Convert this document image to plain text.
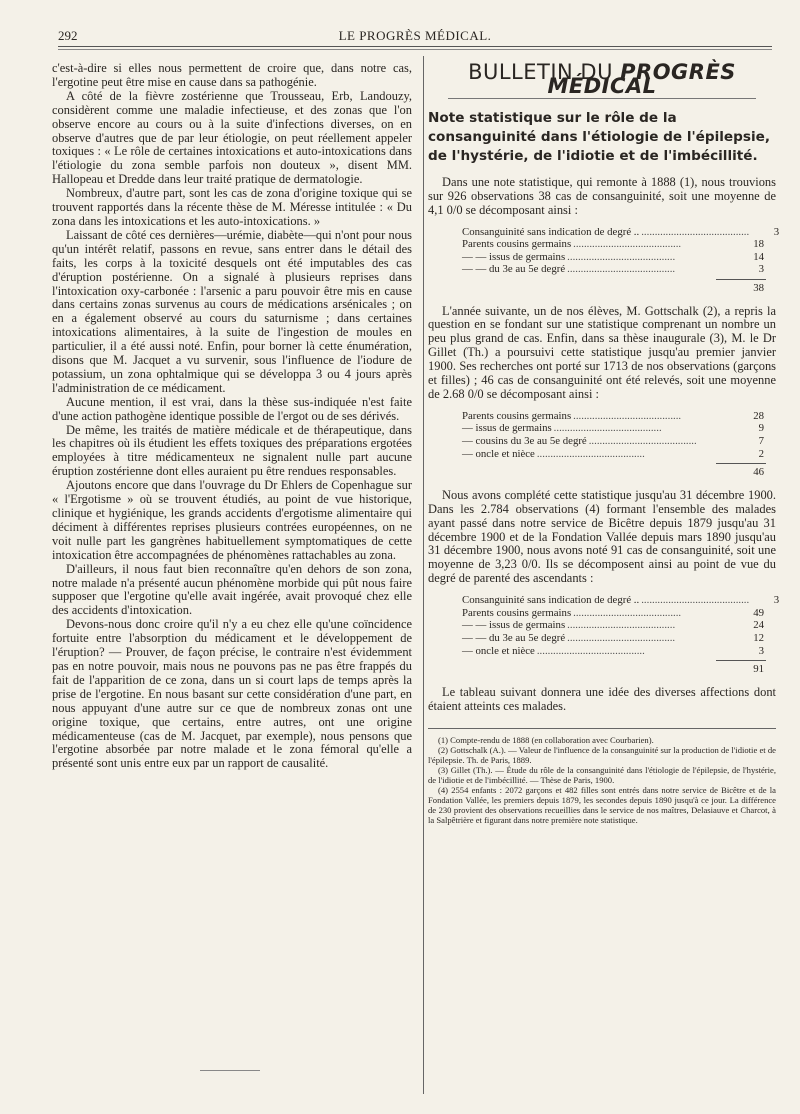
292	LE PROGRÈS MÉDICAL.

c'est-à-dire si elles nous permettent de croire que, dans notre cas, l'ergotine peut être mise en cause dans sa pathogénie.

A côté de la fièvre zostérienne que Trousseau, Erb, Landouzy, considèrent comme une maladie infectieuse, et des zonas que l'on observe encore au cours ou à la suite d'infections diverses, on en observe d'autres que de par leur étiologie, on peut réellement appeler toxiques : « Le rôle de certaines intoxications et auto-intoxications dans l'étiologie du zona semble parfois non douteux », disent MM. Hallopeau et Dredde dans leur traité pratique de dermatologie.

Nombreux, d'autre part, sont les cas de zona d'origine toxique qui se trouvent rapportés dans la récente thèse de M. Méresse intitulée : « Du zona dans les intoxications et les auto-intoxications. »

Laissant de côté ces dernières—urémie, diabète—qui n'ont pour nous qu'un intérêt relatif, passons en revue, sans entrer dans le détail des faits, les corps à la toxicité desquels ont été imputables des cas d'éruption postérienne. On a signalé à plusieurs reprises dans l'intoxication oxy-carbonée : l'arsenic a paru pouvoir être mis en cause dans certains zonas survenus au cours de médications arsénicales ; on en a également observé au cours du saturnisme ; dans certaines intoxications alimentaires, à la suite de l'ingestion de moules en particulier, il a été aussi noté. Enfin, pour borner là cette énumération, disons que M. Jacquet a vu survenir, sous l'influence de l'iodure de potassium, un zona ophtalmique qui se développa 3 ou 4 jours après l'administration de ce médicament.

Aucune mention, il est vrai, dans la thèse sus-indiquée n'est faite d'une action pathogène identique possible de l'ergot ou de ses dérivés.

De même, les traités de matière médicale et de thérapeutique, dans les chapitres où ils étudient les effets toxiques des préparations ergotées employées à titre médicamenteux ne signalent nulle part aucune éruption zostérienne dont elles auraient pu être rendues responsables.

Ajoutons encore que dans l'ouvrage du Dr Ehlers de Copenhague sur « l'Ergotisme » où se trouvent étudiés, au point de vue historique, clinique et hygiénique, les grands accidents d'ergotisme alimentaire qui déciment à différentes reprises plusieurs contrées européennes, on ne voit nulle part les gangrènes habituellement symptomatiques de cette intoxication être accompagnées de phénomènes rattachables au zona.

D'ailleurs, il nous faut bien reconnaître qu'en dehors de son zona, notre malade n'a présenté aucun phénomène morbide qui pût nous faire supposer que l'ergotine qu'elle avait ingérée, avait provoqué chez elle des accidents d'intoxication.

Devons-nous donc croire qu'il n'y a eu chez elle qu'une coïncidence fortuite entre l'absorption du médicament et le développement de l'éruption? — Prouver, de façon précise, le contraire n'est évidemment pas en notre pouvoir, mais nous ne pouvons pas ne pas être frappés du fait de l'apparition de ce zona, dans un si court laps de temps après la prise de l'ergotine. En nous basant sur cette considération d'une part, en nous appuyant d'une autre sur ce que de nombreux zonas ont une origine toxique, que certains, entre autres, ont une origine médicamenteuse (cas de M. Jacquet, par exemple), nous pensons que l'ergotine absorbée par notre malade et le zona fémoral qu'elle a présenté sont unis entre eux par un rapport de causalité.

BULLETIN DU PROGRÈS MÉDICAL
Note statistique sur le rôle de la consanguinité dans l'étiologie de l'épilepsie, de l'hystérie, de l'idiotie et de l'imbécillité.

Dans une note statistique, qui remonte à 1888 (1), nous trouvions sur 926 observations 38 cas de consanguinité, soit une moyenne de 4,1 0/0 se décomposant ainsi :

Consanguinité sans indication de degré .. ........................................	3
Parents cousins germains ........................................	18
— — issus de germains ........................................	14
— — du 3e au 5e degré ........................................	3
38

L'année suivante, un de nos élèves, M. Gottschalk (2), a repris la question en se fondant sur une statistique comprenant un nombre un peu plus grand de cas. Enfin, dans sa thèse inaugurale (3), M. le Dr Gillet (Th.) a poursuivi cette statistique jusqu'au premier janvier 1900. Ses recherches ont porté sur 1713 de nos observations (garçons et filles) ; 46 cas de consanguinité ont été relevés, soit une moyenne de 2.68 0/0 se décomposant ainsi :

Parents cousins germains ........................................	28
— issus de germains ........................................	9
— cousins du 3e au 5e degré ........................................	7
— oncle et nièce ........................................	2
46

Nous avons complété cette statistique jusqu'au 31 décembre 1900. Dans les 2.784 observations (4) formant l'ensemble des malades ayant passé dans notre service de Bicêtre depuis 1879 jusqu'au 31 décembre 1900 et de la Fondation Vallée depuis mars 1890 jusqu'au 31 décembre 1900, nous avons noté 91 cas de consanguinité, soit une moyenne de 3,23 0/0. Ils se décomposent ainsi au point de vue du degré de parenté des ascendants :

Consanguinité sans indication de degré .. ........................................	3
Parents cousins germains ........................................	49
— — issus de germains ........................................	24
— — du 3e au 5e degré ........................................	12
— oncle et nièce ........................................	3
91

Le tableau suivant donnera une idée des diverses affections dont étaient atteints ces malades.

(1) Compte-rendu de 1888 (en collaboration avec Courbarien).

(2) Gottschalk (A.). — Valeur de l'influence de la consanguinité sur la production de l'idiotie et de l'épilepsie. Th. de Paris, 1889.

(3) Gillet (Th.). — Étude du rôle de la consanguinité dans l'étiologie de l'épilepsie, de l'hystérie, de l'idiotie et de l'imbécillité. — Thèse de Paris, 1900.

(4) 2554 enfants : 2072 garçons et 482 filles sont entrés dans notre service de Bicêtre et de la Fondation Vallée, les premiers depuis 1879, les secondes depuis 1890 jusqu'à ce jour. La différence de 230 provient des observations recueillies dans le service de nos maîtres, Delasiauve et Charcot, à la Salpêtrière et figurant dans notre première note statistique.
